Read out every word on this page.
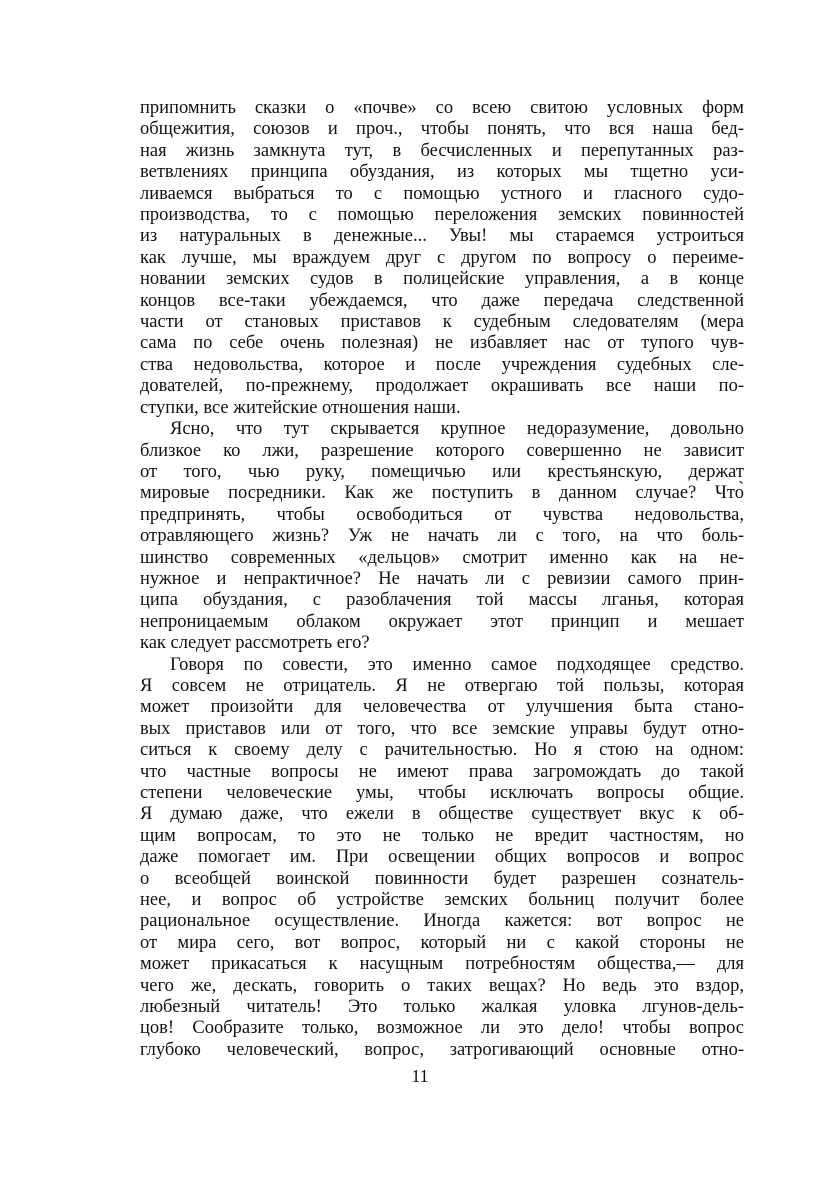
припомнить сказки о «почве» со всею свитою условных форм
общежития, союзов и проч., чтобы понять, что вся наша бед-
ная жизнь замкнута тут, в бесчисленных и перепутанных раз-
ветвлениях принципа обуздания, из которых мы тщетно уси-
ливаемся выбраться то с помощью устного и гласного судо-
производства, то с помощью переложения земских повинностей
из натуральных в денежные... Увы! мы стараемся устроиться
как лучше, мы враждуем друг с другом по вопросу о переиме-
новании земских судов в полицейские управления, а в конце
концов все-таки убеждаемся, что даже передача следственной
части от становых приставов к судебным следователям (мера
сама по себе очень полезная) не избавляет нас от тупого чув-
ства недовольства, которое и после учреждения судебных сле-
дователей, по-прежнему, продолжает окрашивать все наши по-
ступки, все житейские отношения наши.
Ясно, что тут скрывается крупное недоразумение, довольно
близкое ко лжи, разрешение которого совершенно не зависит
от того, чью руку, помещичью или крестьянскую, держат
мировые посредники. Как же поступить в данном случае? Что̀
предпринять, чтобы освободиться от чувства недовольства,
отравляющего жизнь? Уж не начать ли с того, на что боль-
шинство современных «дельцов» смотрит именно как на не-
нужное и непрактичное? Не начать ли с ревизии самого прин-
ципа обуздания, с разоблачения той массы лганья, которая
непроницаемым облаком окружает этот принцип и мешает
как следует рассмотреть его?
Говоря по совести, это именно самое подходящее средство.
Я совсем не отрицатель. Я не отвергаю той пользы, которая
может произойти для человечества от улучшения быта стано-
вых приставов или от того, что все земские управы будут отно-
ситься к своему делу с рачительностью. Но я стою на одном:
что частные вопросы не имеют права загромождать до такой
степени человеческие умы, чтобы исключать вопросы общие.
Я думаю даже, что ежели в обществе существует вкус к об-
щим вопросам, то это не только не вредит частностям, но
даже помогает им. При освещении общих вопросов и вопрос
о всеобщей воинской повинности будет разрешен сознатель-
нее, и вопрос об устройстве земских больниц получит более
рациональное осуществление. Иногда кажется: вот вопрос не
от мира сего, вот вопрос, который ни с какой стороны не
может прикасаться к насущным потребностям общества,— для
чего же, дескать, говорить о таких вещах? Но ведь это вздор,
любезный читатель! Это только жалкая уловка лгунов-дель-
цов! Сообразите только, возможное ли это дело! чтобы вопрос
глубоко человеческий, вопрос, затрогивающий основные отно-
11
